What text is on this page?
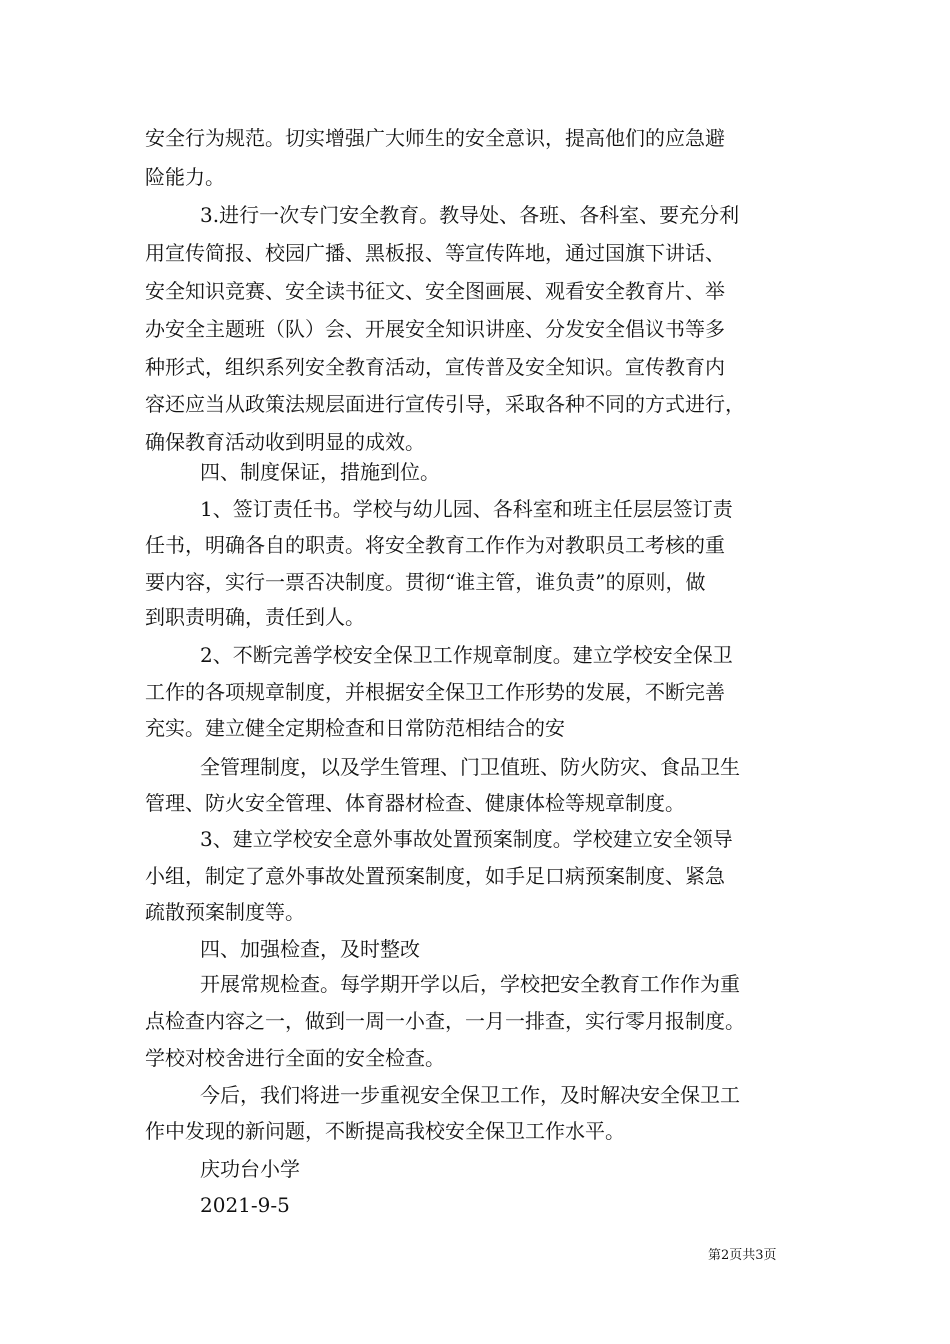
安全行为规范。切实增强广大师生的安全意识，提高他们的应急避
险能力。
3.进行一次专门安全教育。教导处、各班、各科室、要充分利
用宣传简报、校园广播、黑板报、等宣传阵地，通过国旗下讲话、
安全知识竞赛、安全读书征文、安全图画展、观看安全教育片、举
办安全主题班（队）会、开展安全知识讲座、分发安全倡议书等多
种形式，组织系列安全教育活动，宣传普及安全知识。宣传教育内
容还应当从政策法规层面进行宣传引导，采取各种不同的方式进行，
确保教育活动收到明显的成效。
四、制度保证，措施到位。
1、签订责任书。学校与幼儿园、各科室和班主任层层签订责
任书，明确各自的职责。将安全教育工作作为对教职员工考核的重
要内容，实行一票否决制度。贯彻“谁主管，谁负责”的原则，做
到职责明确，责任到人。
2、不断完善学校安全保卫工作规章制度。建立学校安全保卫
工作的各项规章制度，并根据安全保卫工作形势的发展，不断完善
充实。建立健全定期检查和日常防范相结合的安
全管理制度，以及学生管理、门卫值班、防火防灾、食品卫生
管理、防火安全管理、体育器材检查、健康体检等规章制度。
3、建立学校安全意外事故处置预案制度。学校建立安全领导
小组，制定了意外事故处置预案制度，如手足口病预案制度、紧急
疏散预案制度等。
四、加强检查，及时整改
开展常规检查。每学期开学以后，学校把安全教育工作作为重
点检查内容之一，做到一周一小查，一月一排查，实行零月报制度。
学校对校舍进行全面的安全检查。
今后，我们将进一步重视安全保卫工作，及时解决安全保卫工
作中发现的新问题，不断提高我校安全保卫工作水平。
庆功台小学
2021-9-5
第2页共3页
